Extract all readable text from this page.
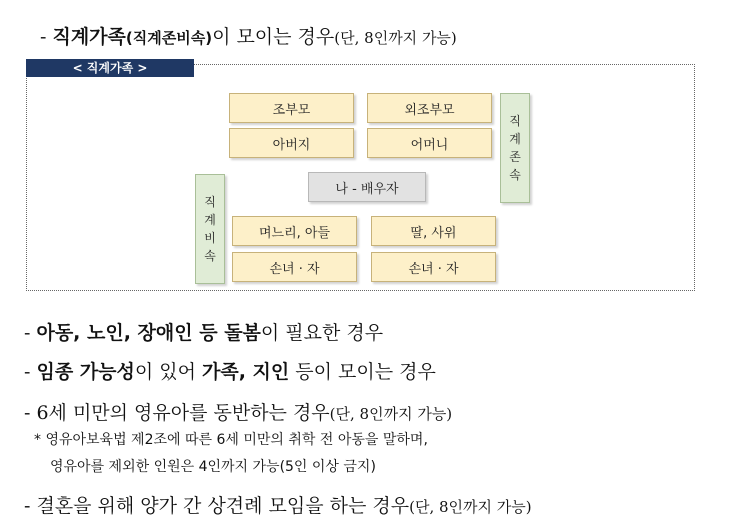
- 직계가족(직계존비속)이 모이는 경우(단, 8인까지 가능)
< 직계가족 >
조부모	외조부모
아버지	어머니
나 - 배우자
며느리, 아들	딸, 사위
손녀 · 자	손녀 · 자
직계존속
직계비속
- 아동, 노인, 장애인 등 돌봄이 필요한 경우
- 임종 가능성이 있어 가족, 지인 등이 모이는 경우
- 6세 미만의 영유아를 동반하는 경우(단, 8인까지 가능)
* 영유아보육법 제2조에 따른 6세 미만의 취학 전 아동을 말하며,
영유아를 제외한 인원은 4인까지 가능(5인 이상 금지)
- 결혼을 위해 양가 간 상견례 모임을 하는 경우(단, 8인까지 가능)
